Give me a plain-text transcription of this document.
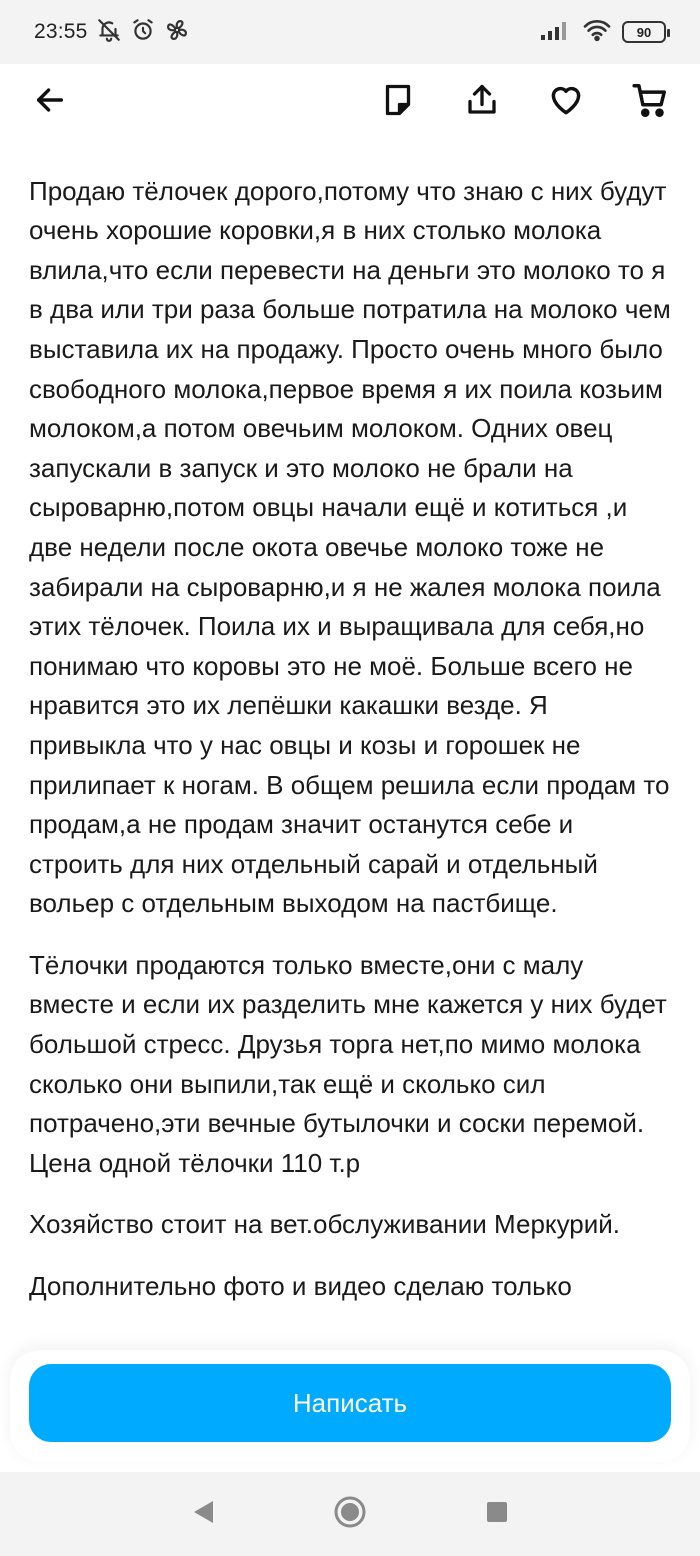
23:55	90

Продаю тёлочек дорого,потому что знаю с них будут очень хорошие коровки,я в них столько молока влила,что если перевести на деньги это молоко то я в два или три раза больше потратила на молоко чем выставила их на продажу. Просто очень много было свободного молока,первое время я их поила козьим молоком,а потом овечьим молоком. Одних овец запускали в запуск и это молоко не брали на сыроварню,потом овцы начали ещё и котиться ,и две недели после окота овечье молоко тоже не забирали на сыроварню,и я не жалея молока поила этих тёлочек. Поила их и выращивала для себя,но понимаю что коровы это не моё. Больше всего не нравится это их лепёшки какашки везде. Я привыкла что у нас овцы и козы и горошек не прилипает к ногам. В общем решила если продам то продам,а не продам значит останутся себе и строить для них отдельный сарай и отдельный вольер с отдельным выходом на пастбище.

Тёлочки продаются только вместе,они с малу вместе и если их разделить мне кажется у них будет большой стресс. Друзья торга нет,по мимо молока сколько они выпили,так ещё и сколько сил потрачено,эти вечные бутылочки и соски перемой. Цена одной тёлочки 110 т.р

Хозяйство стоит на вет.обслуживании Меркурий.

Дополнительно фото и видео сделаю только

Написать
